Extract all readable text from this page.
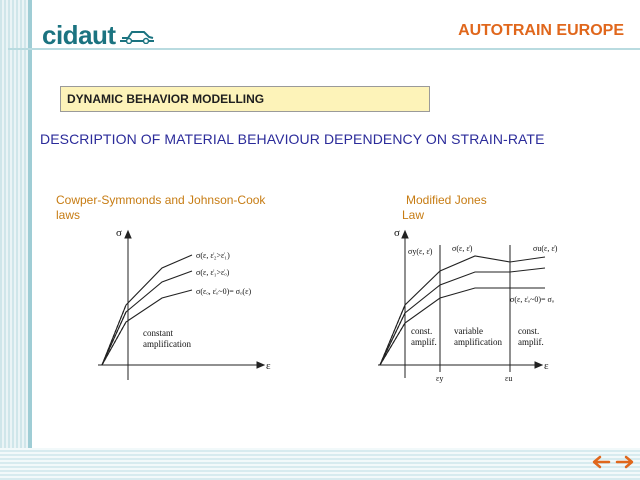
cidaut	AUTOTRAIN EUROPE
DYNAMIC BEHAVIOR MODELLING
DESCRIPTION OF MATERIAL BEHAVIOUR DEPENDENCY ON STRAIN-RATE
Cowper-Symmonds and Johnson-Cook
laws
Modified Jones
Law
σ
ε
σ(ε, ε̇₂>ε̇₁)
σ(ε, ε̇₁>ε̇ₒ)
σ(εₒ, ε̇ₒ~0)= σₒ(ε)
constant
amplification
σ
ε
σy(ε, ε̇) σ(ε, ε̇)	σu(ε, ε̇)
σ(ε, ε̇ₒ~0)= σₒ
const.
amplif.
variable
amplification
const.
amplif.
εy	εu
